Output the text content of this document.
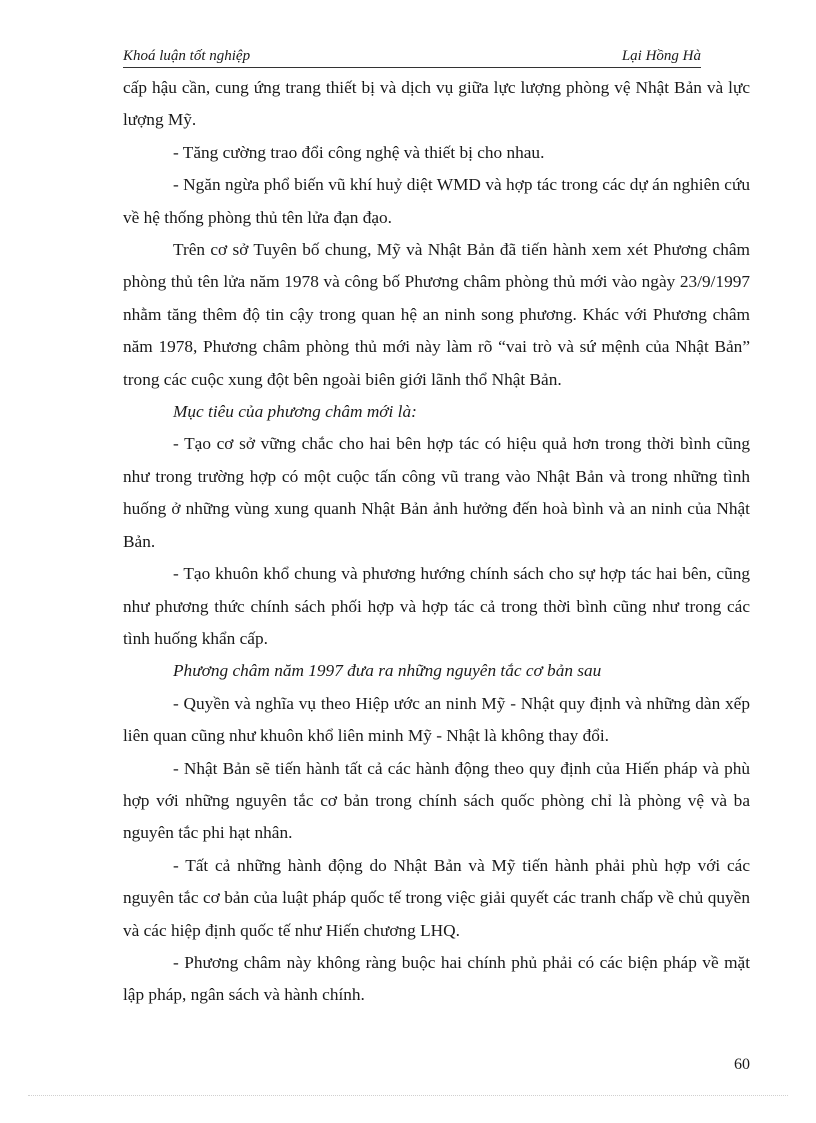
Khoá luận tốt nghiệp	Lại Hồng Hà

cấp hậu cần, cung ứng trang thiết bị và dịch vụ giữa lực lượng phòng vệ Nhật Bản và lực lượng Mỹ.

- Tăng cường trao đổi công nghệ và thiết bị cho nhau.

- Ngăn ngừa phổ biến vũ khí huỷ diệt WMD và hợp tác trong các dự án nghiên cứu về hệ thống phòng thủ tên lửa đạn đạo.

Trên cơ sở Tuyên bố chung, Mỹ và Nhật Bản đã tiến hành xem xét Phương châm phòng thủ tên lửa năm 1978 và công bố Phương châm phòng thủ mới vào ngày 23/9/1997 nhằm tăng thêm độ tin cậy trong quan hệ an ninh song phương. Khác với Phương châm năm 1978, Phương châm phòng thủ mới này làm rõ “vai trò và sứ mệnh của Nhật Bản” trong các cuộc xung đột bên ngoài biên giới lãnh thổ Nhật Bản.

Mục tiêu của phương châm mới là:

- Tạo cơ sở vững chắc cho hai bên hợp tác có hiệu quả hơn trong thời bình cũng như trong trường hợp có một cuộc tấn công vũ trang vào Nhật Bản và trong những tình huống ở những vùng xung quanh Nhật Bản ảnh hưởng đến hoà bình và an ninh của Nhật Bản.

- Tạo khuôn khổ chung và phương hướng chính sách cho sự hợp tác hai bên, cũng như phương thức chính sách phối hợp và hợp tác cả trong thời bình cũng như trong các tình huống khẩn cấp.

Phương châm năm 1997 đưa ra những nguyên tắc cơ bản sau

- Quyền và nghĩa vụ theo Hiệp ước an ninh Mỹ - Nhật quy định và những dàn xếp liên quan cũng như khuôn khổ liên minh Mỹ - Nhật là không thay đổi.

- Nhật Bản sẽ tiến hành tất cả các hành động theo quy định của Hiến pháp và phù hợp với những nguyên tắc cơ bản trong chính sách quốc phòng chỉ là phòng vệ và ba nguyên tắc phi hạt nhân.

- Tất cả những hành động do Nhật Bản và Mỹ tiến hành phải phù hợp với các nguyên tắc cơ bản của luật pháp quốc tế trong việc giải quyết các tranh chấp về chủ quyền và các hiệp định quốc tế như Hiến chương LHQ.

- Phương châm này không ràng buộc hai chính phủ phải có các biện pháp về mặt lập pháp, ngân sách và hành chính.

60
